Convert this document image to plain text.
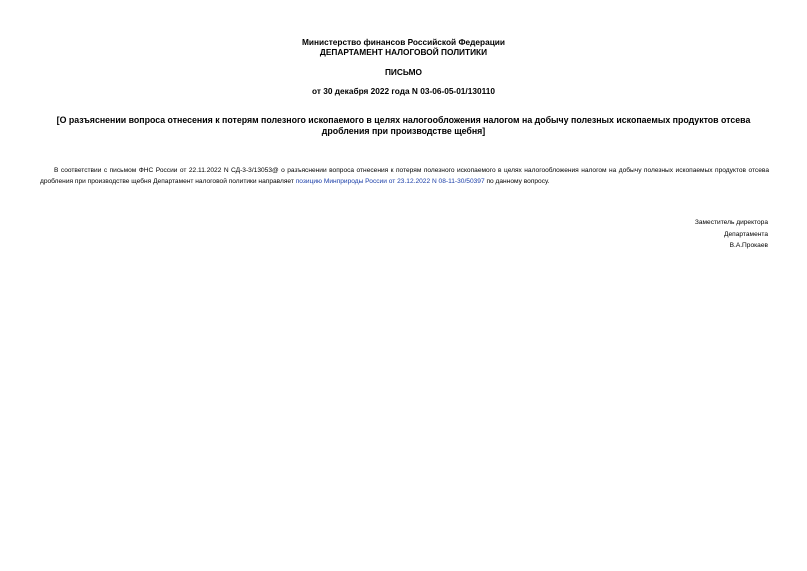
Министерство финансов Российской Федерации
ДЕПАРТАМЕНТ НАЛОГОВОЙ ПОЛИТИКИ
ПИСЬМО
от 30 декабря 2022 года N 03-06-05-01/130110
[О разъяснении вопроса отнесения к потерям полезного ископаемого в целях налогообложения налогом на добычу полезных ископаемых продуктов отсева дробления при производстве щебня]
В соответствии с письмом ФНС России от 22.11.2022 N СД-3-3/13053@ о разъяснении вопроса отнесения к потерям полезного ископаемого в целях налогообложения налогом на добычу полезных ископаемых продуктов отсева дробления при производстве щебня Департамент налоговой политики направляет позицию Минприроды России от 23.12.2022 N 08-11-30/50397 по данному вопросу.
Заместитель директора
Департамента
В.А.Прокаев
